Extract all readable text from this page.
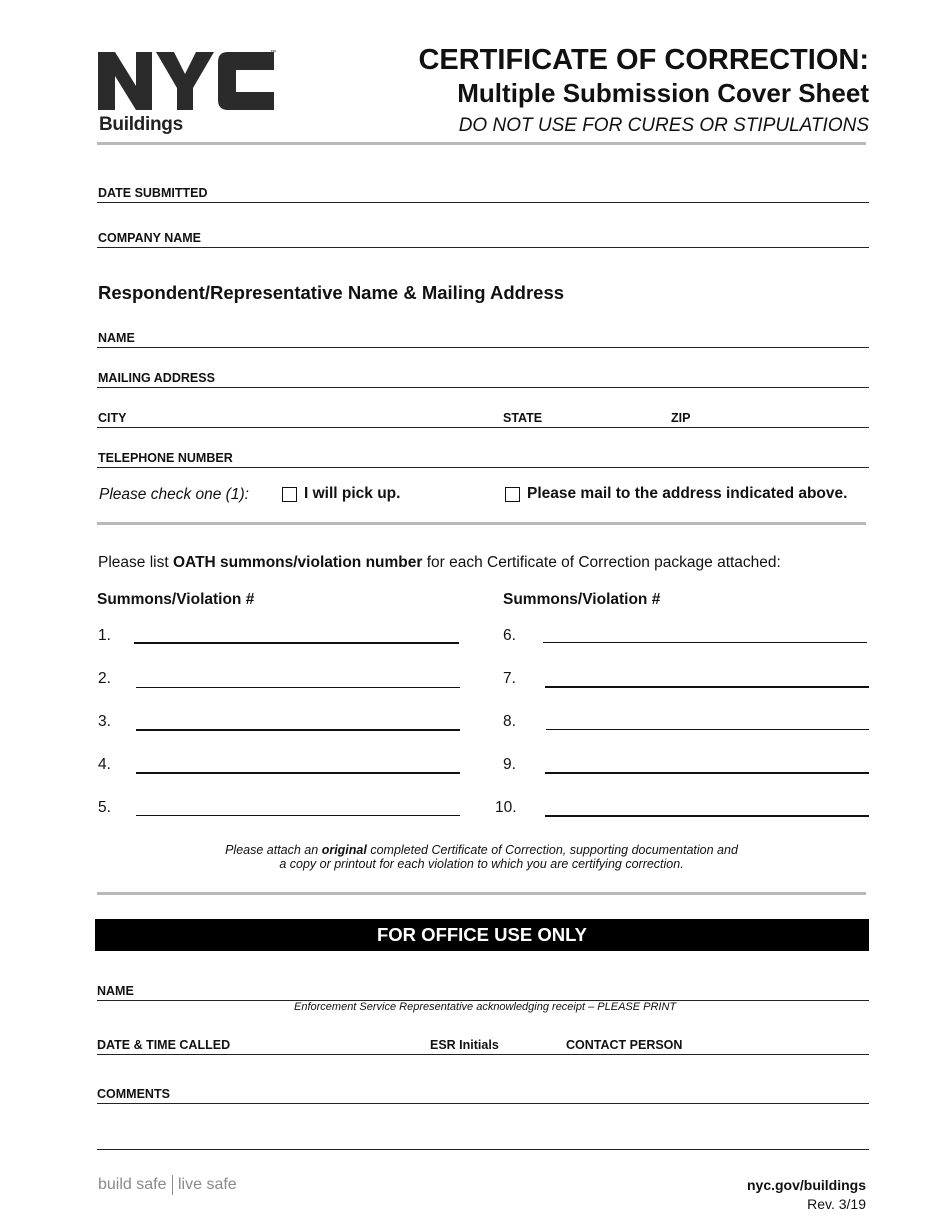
™
Buildings
CERTIFICATE OF CORRECTION:
Multiple Submission Cover Sheet
DO NOT USE FOR CURES OR STIPULATIONS
DATE SUBMITTED
COMPANY NAME
Respondent/Representative Name & Mailing Address
NAME
MAILING ADDRESS
CITY	STATE	ZIP
TELEPHONE NUMBER
Please check one (1):	I will pick up.	Please mail to the address indicated above.
Please list OATH summons/violation number for each Certificate of Correction package attached:
Summons/Violation #	Summons/Violation #
1.
2.
3.
4.
5.
6.
7.
8.
9.
10.
Please attach an original completed Certificate of Correction, supporting documentation and
a copy or printout for each violation to which you are certifying correction.
FOR OFFICE USE ONLY
NAME
Enforcement Service Representative acknowledging receipt – PLEASE PRINT
DATE & TIME CALLED	ESR Initials	CONTACT PERSON
COMMENTS
build safe live safe	nyc.gov/buildings
Rev. 3/19
